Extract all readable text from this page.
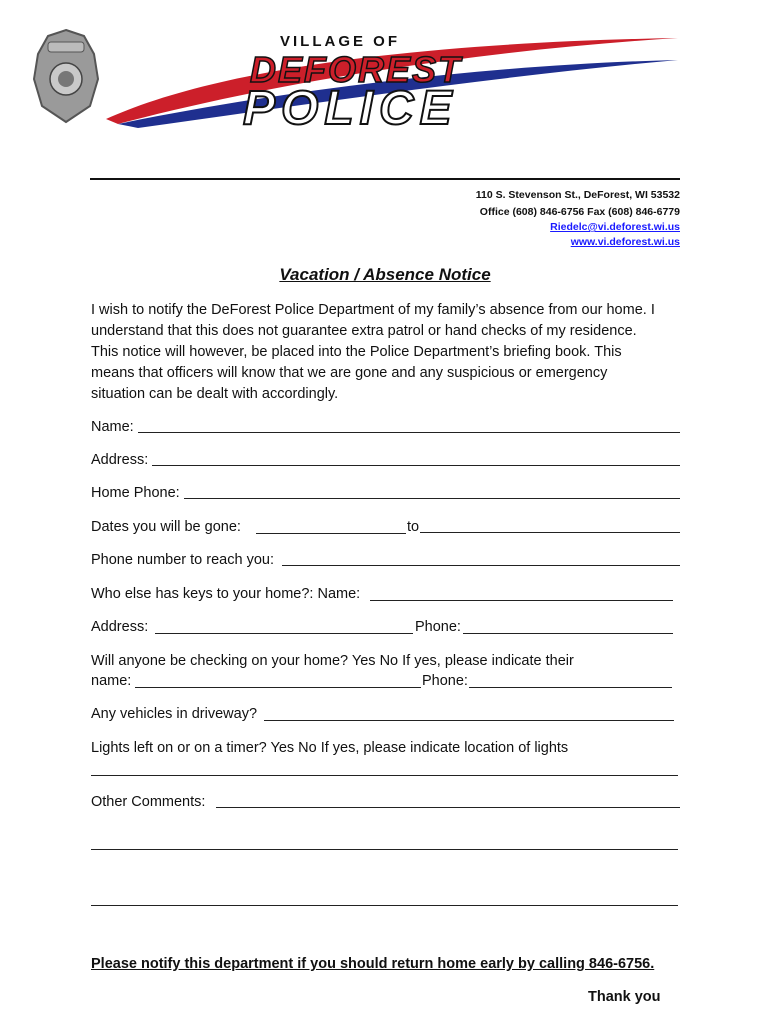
VILLAGE OF
DEFOREST
POLICE
110 S. Stevenson St., DeForest, WI 53532
Office (608) 846-6756 Fax (608) 846-6779
Riedelc@vi.deforest.wi.us
www.vi.deforest.wi.us
Vacation / Absence Notice
I wish to notify the DeForest Police Department of my family’s absence from our home. I
understand that this does not guarantee extra patrol or hand checks of my residence.
This notice will however, be placed into the Police Department’s briefing book. This
means that officers will know that we are gone and any suspicious or emergency
situation can be dealt with accordingly.
Name:
Address:
Home Phone:
Dates you will be gone:	to
Phone number to reach you:
Who else has keys to your home?: Name:
Address:	Phone:
Will anyone be checking on your home? Yes No If yes, please indicate their
name:	Phone:
Any vehicles in driveway?
Lights left on or on a timer? Yes No If yes, please indicate location of lights
Other Comments:
Please notify this department if you should return home early by calling 846-6756.
Thank you
